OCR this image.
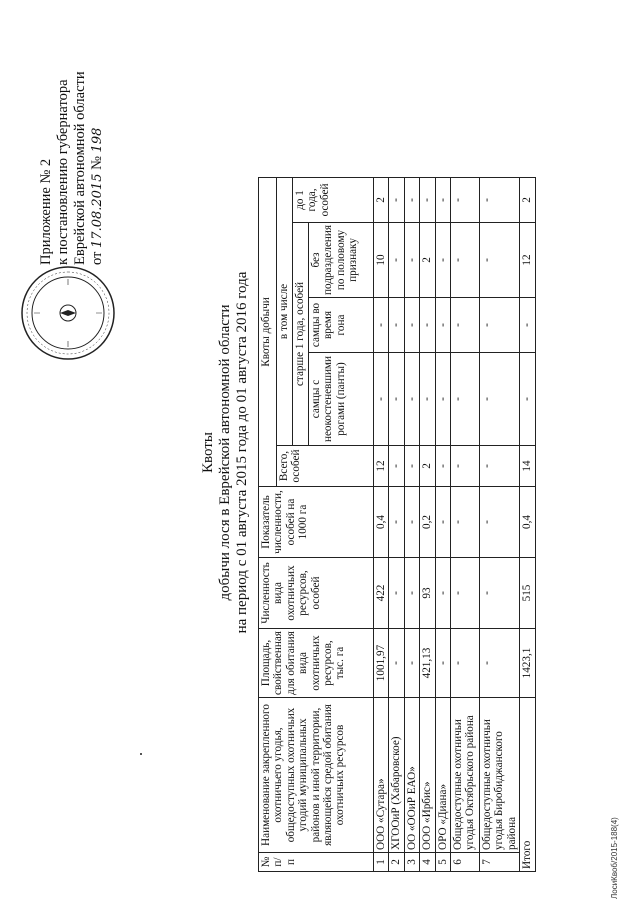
Приложение № 2 к постановлению губернатора Еврейской автономной области от 17.08.2015 № 198
Квоты добычи лося в Еврейской автономной области на период с 01 августа 2015 года до 01 августа 2016 года
№ п/п	Наименование закрепленного охотничьего угодья, общедоступных охотничьих угодий муниципальных районов и иной территории, являющейся средой обитания охотничьих ресурсов	Площадь, свойственная для обитания вида охотничьих ресурсов, тыс. га	Численность вида охотничьих ресурсов, особей	Показатель численности, особей на 1000 га	Квоты добычи				
					Всего, особей	в том числе			
						старше 1 года, особей			до 1 года, особей
						самцы с неокостеневшими рогами (панты)	самцы во время гона	без подразделения по половому признаку	
1	ООО «Сутара»	1001,97	422	0,4	12	-	-	10	2
2	ХГООиР (Хабаровское)	-	-	-	-	-	-	-	-
3	ОО «ООиР ЕАО»	-	-	-	-	-	-	-	-
4	ООО «Ирбис»	421,13	93	0,2	2	-	-	2	-
5	ОРО «Диана»	-	-	-	-	-	-	-	-
6	Общедоступные охотничьи угодья Октябрьского района	-	-	-	-	-	-	-	-
7	Общедоступные охотничьи угодья Биробиджанского района	-	-	-	-	-	-	-	-
Итого		1423,1	515	0,4	14	-	-	12	2
ЛосиКвоб/2015-188(4)
